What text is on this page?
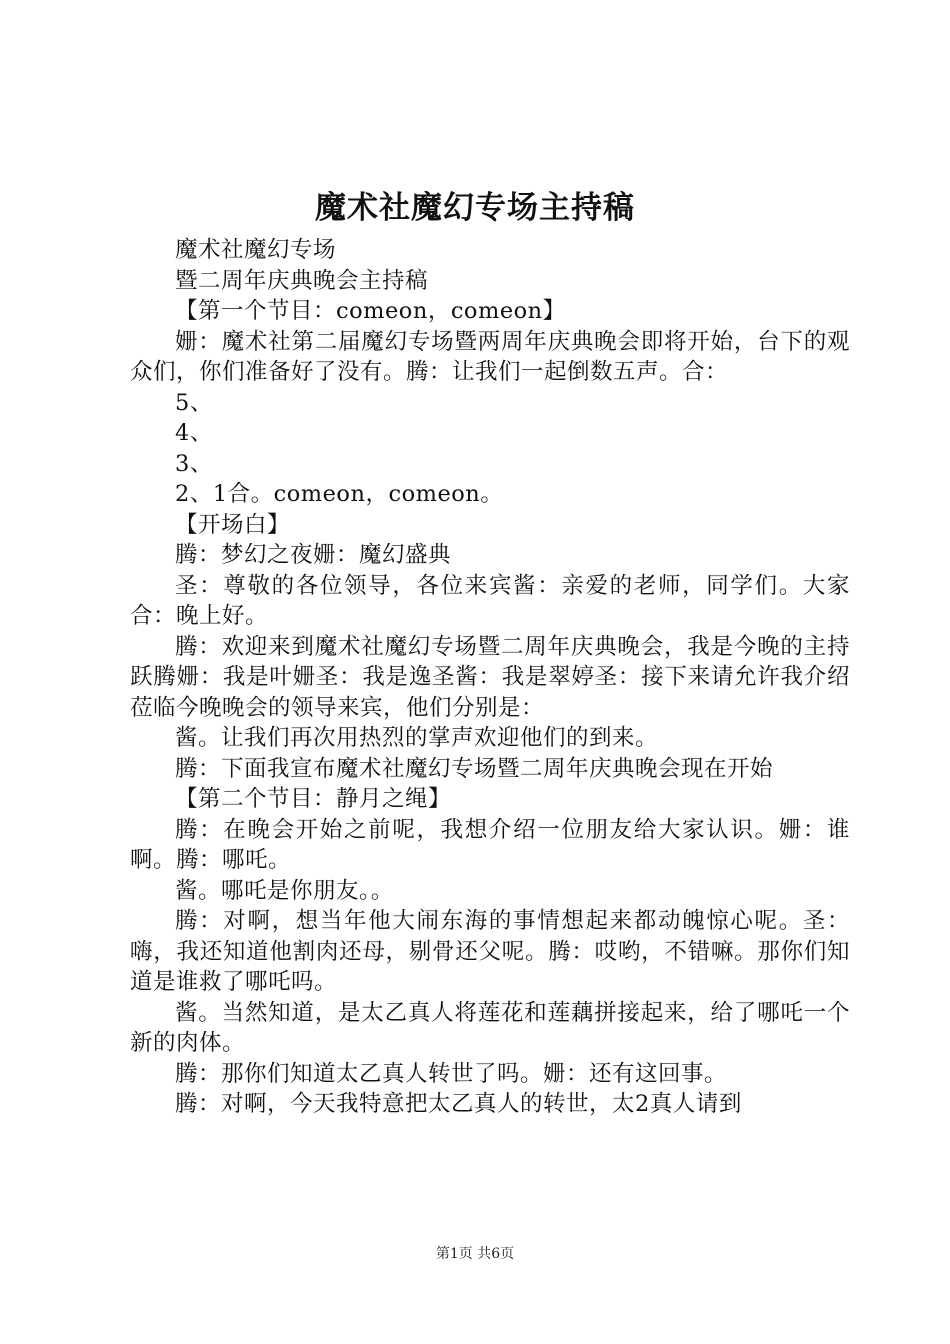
魔术社魔幻专场主持稿

魔术社魔幻专场

暨二周年庆典晚会主持稿

【第一个节目：comeon，comeon】

姗：魔术社第二届魔幻专场暨两周年庆典晚会即将开始，台下的观众们，你们准备好了没有。腾：让我们一起倒数五声。合：

5、

4、

3、

2、1合。comeon，comeon。

【开场白】

腾：梦幻之夜姗：魔幻盛典

圣：尊敬的各位领导，各位来宾酱：亲爱的老师，同学们。大家合：晚上好。

腾：欢迎来到魔术社魔幻专场暨二周年庆典晚会，我是今晚的主持跃腾姗：我是叶姗圣：我是逸圣酱：我是翠婷圣：接下来请允许我介绍莅临今晚晚会的领导来宾，他们分别是：

酱。让我们再次用热烈的掌声欢迎他们的到来。

腾：下面我宣布魔术社魔幻专场暨二周年庆典晚会现在开始

【第二个节目：静月之绳】

腾：在晚会开始之前呢，我想介绍一位朋友给大家认识。姗：谁啊。腾：哪吒。

酱。哪吒是你朋友。。

腾：对啊，想当年他大闹东海的事情想起来都动魄惊心呢。圣：嗨，我还知道他割肉还母，剔骨还父呢。腾：哎哟，不错嘛。那你们知道是谁救了哪吒吗。

酱。当然知道，是太乙真人将莲花和莲藕拼接起来，给了哪吒一个新的肉体。

腾：那你们知道太乙真人转世了吗。姗：还有这回事。

腾：对啊，今天我特意把太乙真人的转世，太2真人请到

第1页 共6页
